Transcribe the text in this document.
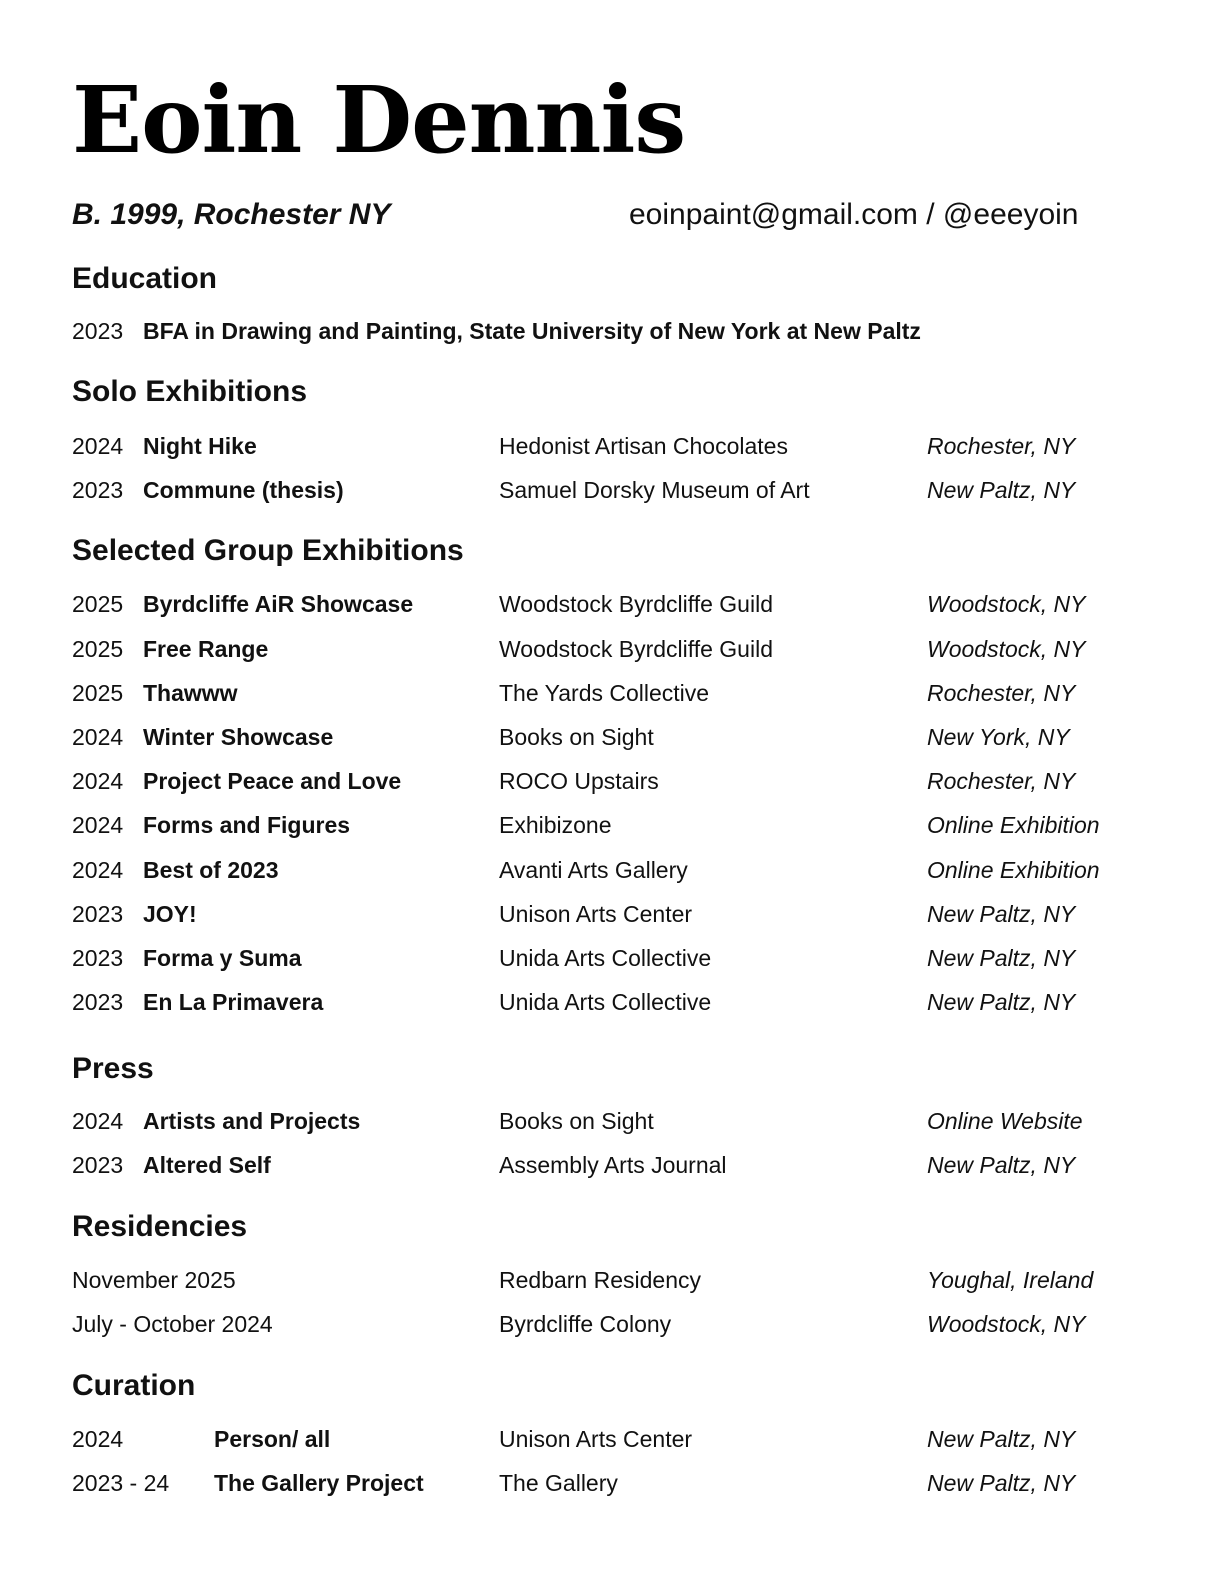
Eoin Dennis
B. 1999, Rochester NY	eoinpaint@gmail.com / @eeeyoin
Education
2023 BFA in Drawing and Painting, State University of New York at New Paltz
Solo Exhibitions
2024 Night Hike	Hedonist Artisan Chocolates	Rochester, NY
2023 Commune (thesis)	Samuel Dorsky Museum of Art	New Paltz, NY
Selected Group Exhibitions
2025 Byrdcliffe AiR Showcase	Woodstock Byrdcliffe Guild	Woodstock, NY
2025 Free Range	Woodstock Byrdcliffe Guild	Woodstock, NY
2025 Thawww	The Yards Collective	Rochester, NY
2024 Winter Showcase	Books on Sight	New York, NY
2024 Project Peace and Love	ROCO Upstairs	Rochester, NY
2024 Forms and Figures	Exhibizone	Online Exhibition
2024 Best of 2023	Avanti Arts Gallery	Online Exhibition
2023 JOY!	Unison Arts Center	New Paltz, NY
2023 Forma y Suma	Unida Arts Collective	New Paltz, NY
2023 En La Primavera	Unida Arts Collective	New Paltz, NY
Press
2024 Artists and Projects	Books on Sight	Online Website
2023 Altered Self	Assembly Arts Journal	New Paltz, NY
Residencies
November 2025	Redbarn Residency	Youghal, Ireland
July - October 2024	Byrdcliffe Colony	Woodstock, NY
Curation
2024	Person/ all	Unison Arts Center	New Paltz, NY
2023 - 24 The Gallery Project	The Gallery	New Paltz, NY
